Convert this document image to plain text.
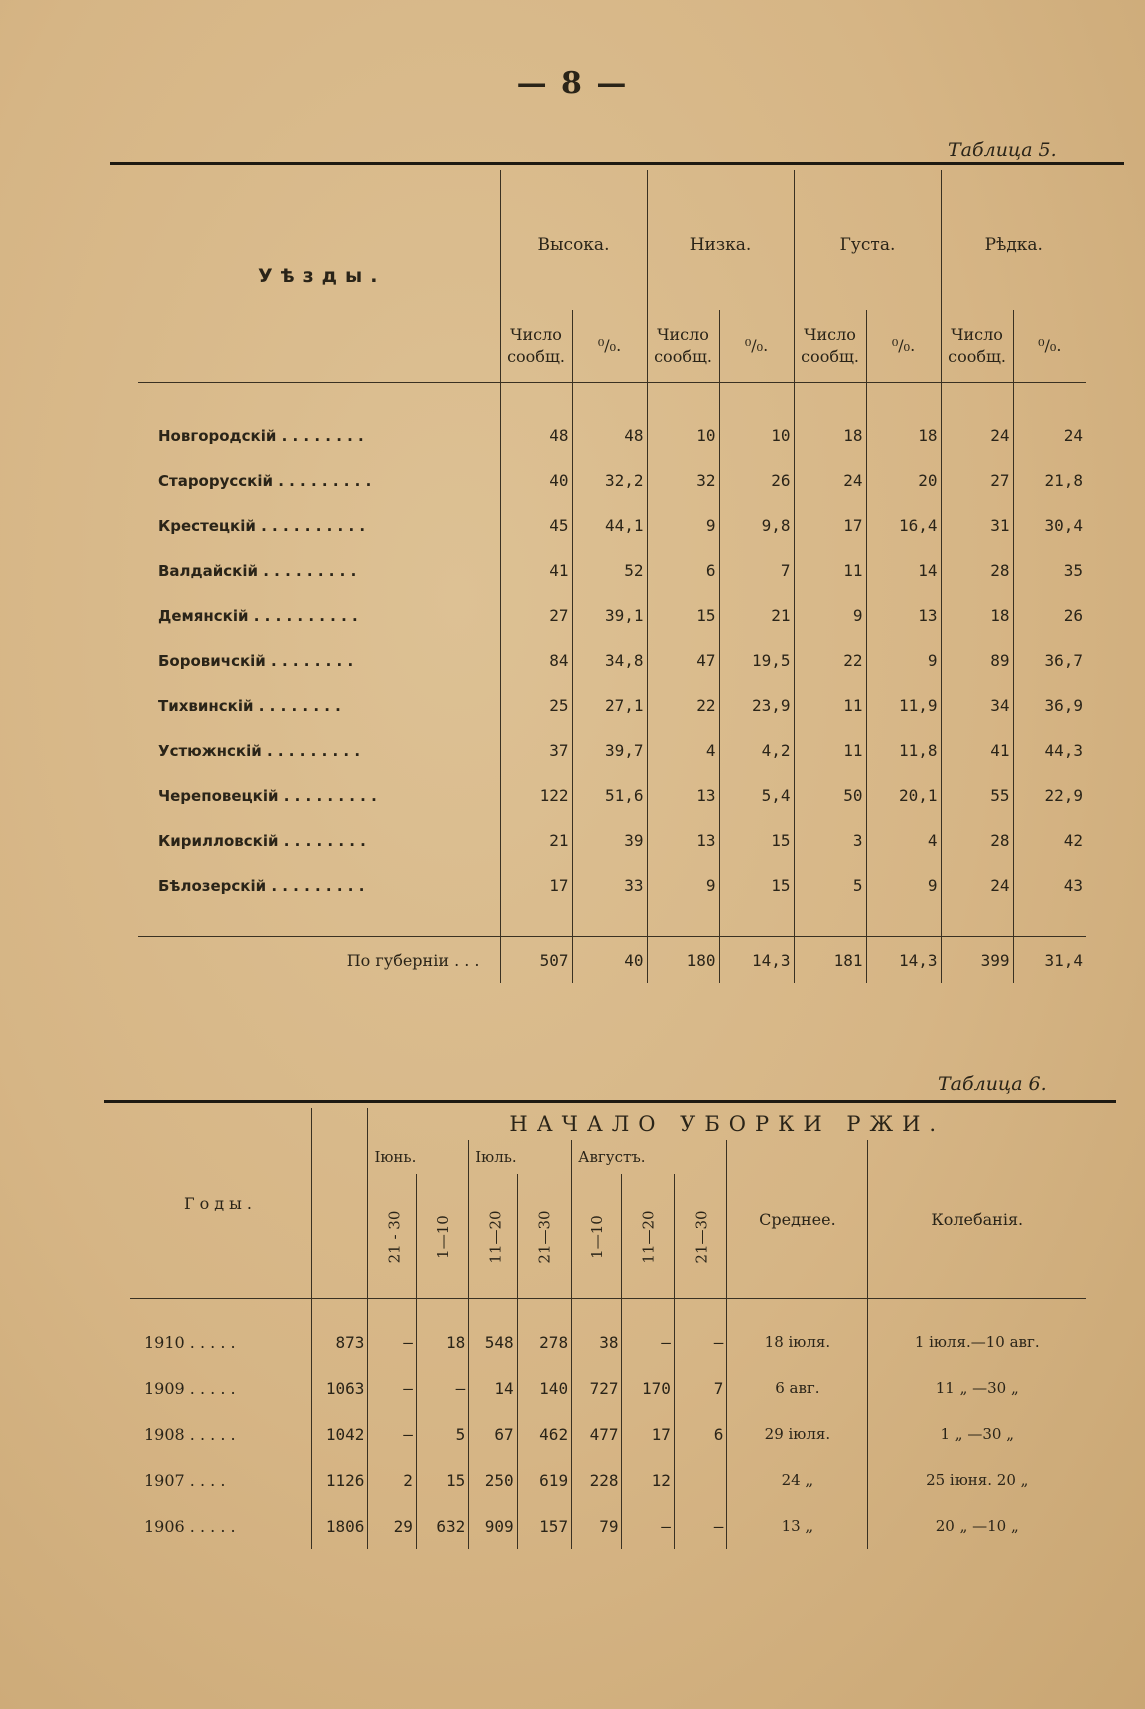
— 8 —
Таблица 5.
Уѣзды.	Высока.		Низка.		Густа.		Рѣдка.	
	Число сообщ.	⁰/₀.	Число сообщ.	⁰/₀.	Число сообщ.	⁰/₀.	Число сообщ.	⁰/₀.

Новгородскій . . . . . . . .	48	48	10	10	18	18	24	24
Старорусскій . . . . . . . . .	40	32,2	32	26	24	20	27	21,8
Крестецкій . . . . . . . . . .	45	44,1	9	9,8	17	16,4	31	30,4
Валдайскій . . . . . . . . .	41	52	6	7	11	14	28	35
Демянскій . . . . . . . . . .	27	39,1	15	21	9	13	18	26
Боровичскій . . . . . . . .	84	34,8	47	19,5	22	9	89	36,7
Тихвинскій . . . . . . . .	25	27,1	22	23,9	11	11,9	34	36,9
Устюжнскій . . . . . . . . .	37	39,7	4	4,2	11	11,8	41	44,3
Череповецкій . . . . . . . . .	122	51,6	13	5,4	50	20,1	55	22,9
Кирилловскій . . . . . . . .	21	39	13	15	3	4	28	42
Бѣлозерскій . . . . . . . . .	17	33	9	15	5	9	24	43

По губерніи . . .	507	40	180	14,3	181	14,3	399	31,4
Таблица 6.
Годы.		НАЧАЛО УБОРКИ РЖИ.								
		Іюнь.		Іюль.		Августъ.			Среднее.	Колебанія.
		21 - 30	1—10	11—20	21—30	1—10	11—20	21—30		

1910 . . . . .	873	—	18	548	278	38	—	—	18 іюля.	1 іюля.—10 авг.
1909 . . . . .	1063	–	—	14	140	727	170	7	6 авг.	11 „ —30 „
1908 . . . . .	1042	–	5	67	462	477	17	6	29 іюля.	1 „ —30 „
1907 . . . .	1126	2	15	250	619	228	12		24 „	25 іюня. 20 „
1906 . . . . .	1806	29	632	909	157	79	–	—	13 „	20 „ —10 „
